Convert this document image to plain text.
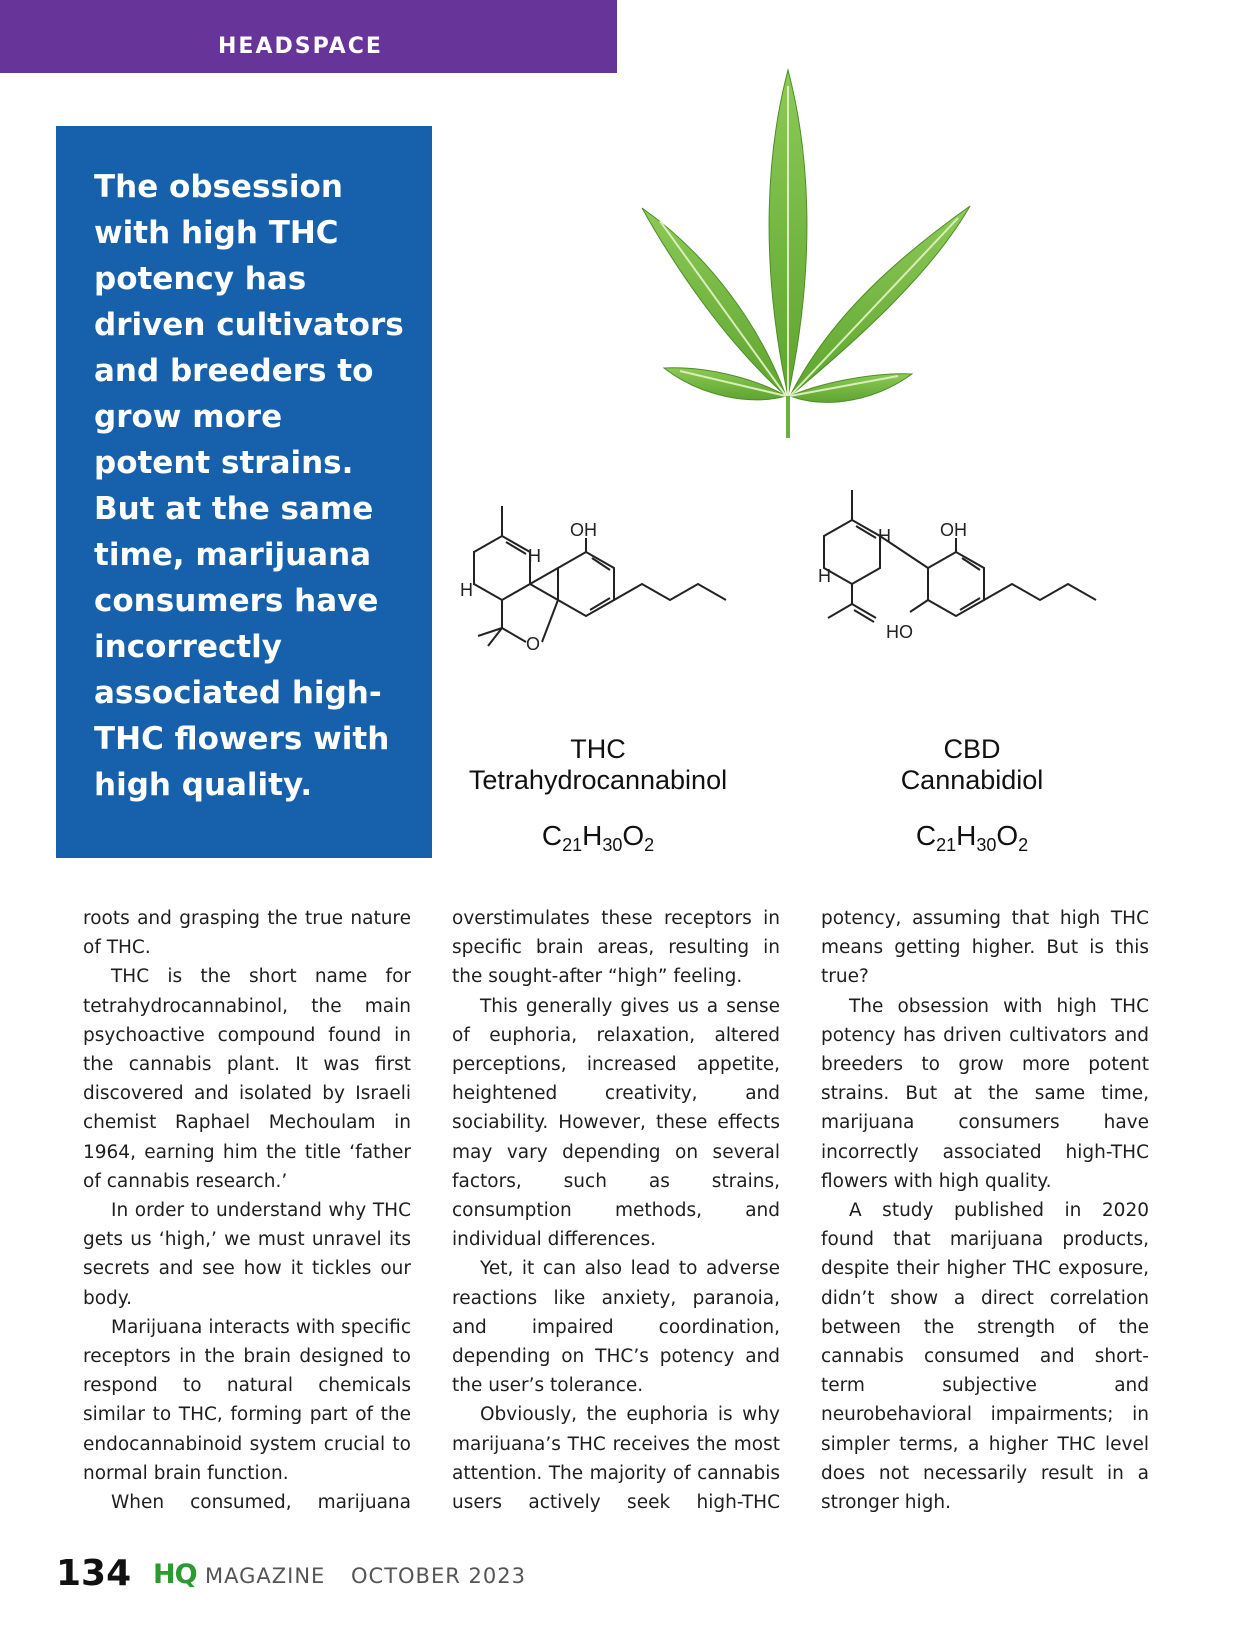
HEADSPACE
The obsession with high THC potency has driven cultivators and breeders to grow more potent strains. But at the same time, marijuana consumers have incorrectly associated high-THC flowers with high quality.
OH
H
H
O
OH
H
H
HO
THC
Tetrahydrocannabinol
$C_{21}H_{30}O_2$
CBD
Cannabidiol
$C_{21}H_{30}O_2$

roots and grasping the true nature of THC.

THC is the short name for tetrahydrocannabinol, the main psychoactive compound found in the cannabis plant. It was first discovered and isolated by Israeli chemist Raphael Mechoulam in 1964, earning him the title ‘father of cannabis research.’

In order to understand why THC gets us ‘high,’ we must unravel its secrets and see how it tickles our body.

Marijuana interacts with specific receptors in the brain designed to respond to natural chemicals similar to THC, forming part of the endocannabinoid system crucial to normal brain function.

When consumed, marijuana

overstimulates these receptors in specific brain areas, resulting in the sought-after “high” feeling.

This generally gives us a sense of euphoria, relaxation, altered perceptions, increased appetite, heightened creativity, and sociability. However, these effects may vary depending on several factors, such as strains, consumption methods, and individual differences.

Yet, it can also lead to adverse reactions like anxiety, paranoia, and impaired coordination, depending on THC’s potency and the user’s tolerance.

Obviously, the euphoria is why marijuana’s THC receives the most attention. The majority of cannabis users actively seek high-THC

potency, assuming that high THC means getting higher. But is this true?

The obsession with high THC potency has driven cultivators and breeders to grow more potent strains. But at the same time, marijuana consumers have incorrectly associated high-THC flowers with high quality.

A study published in 2020 found that marijuana products, despite their higher THC exposure, didn’t show a direct correlation between the strength of the cannabis consumed and short-term subjective and neurobehavioral impairments; in simpler terms, a higher THC level does not necessarily result in a stronger high.

134 HQ MAGAZINE OCTOBER 2023
